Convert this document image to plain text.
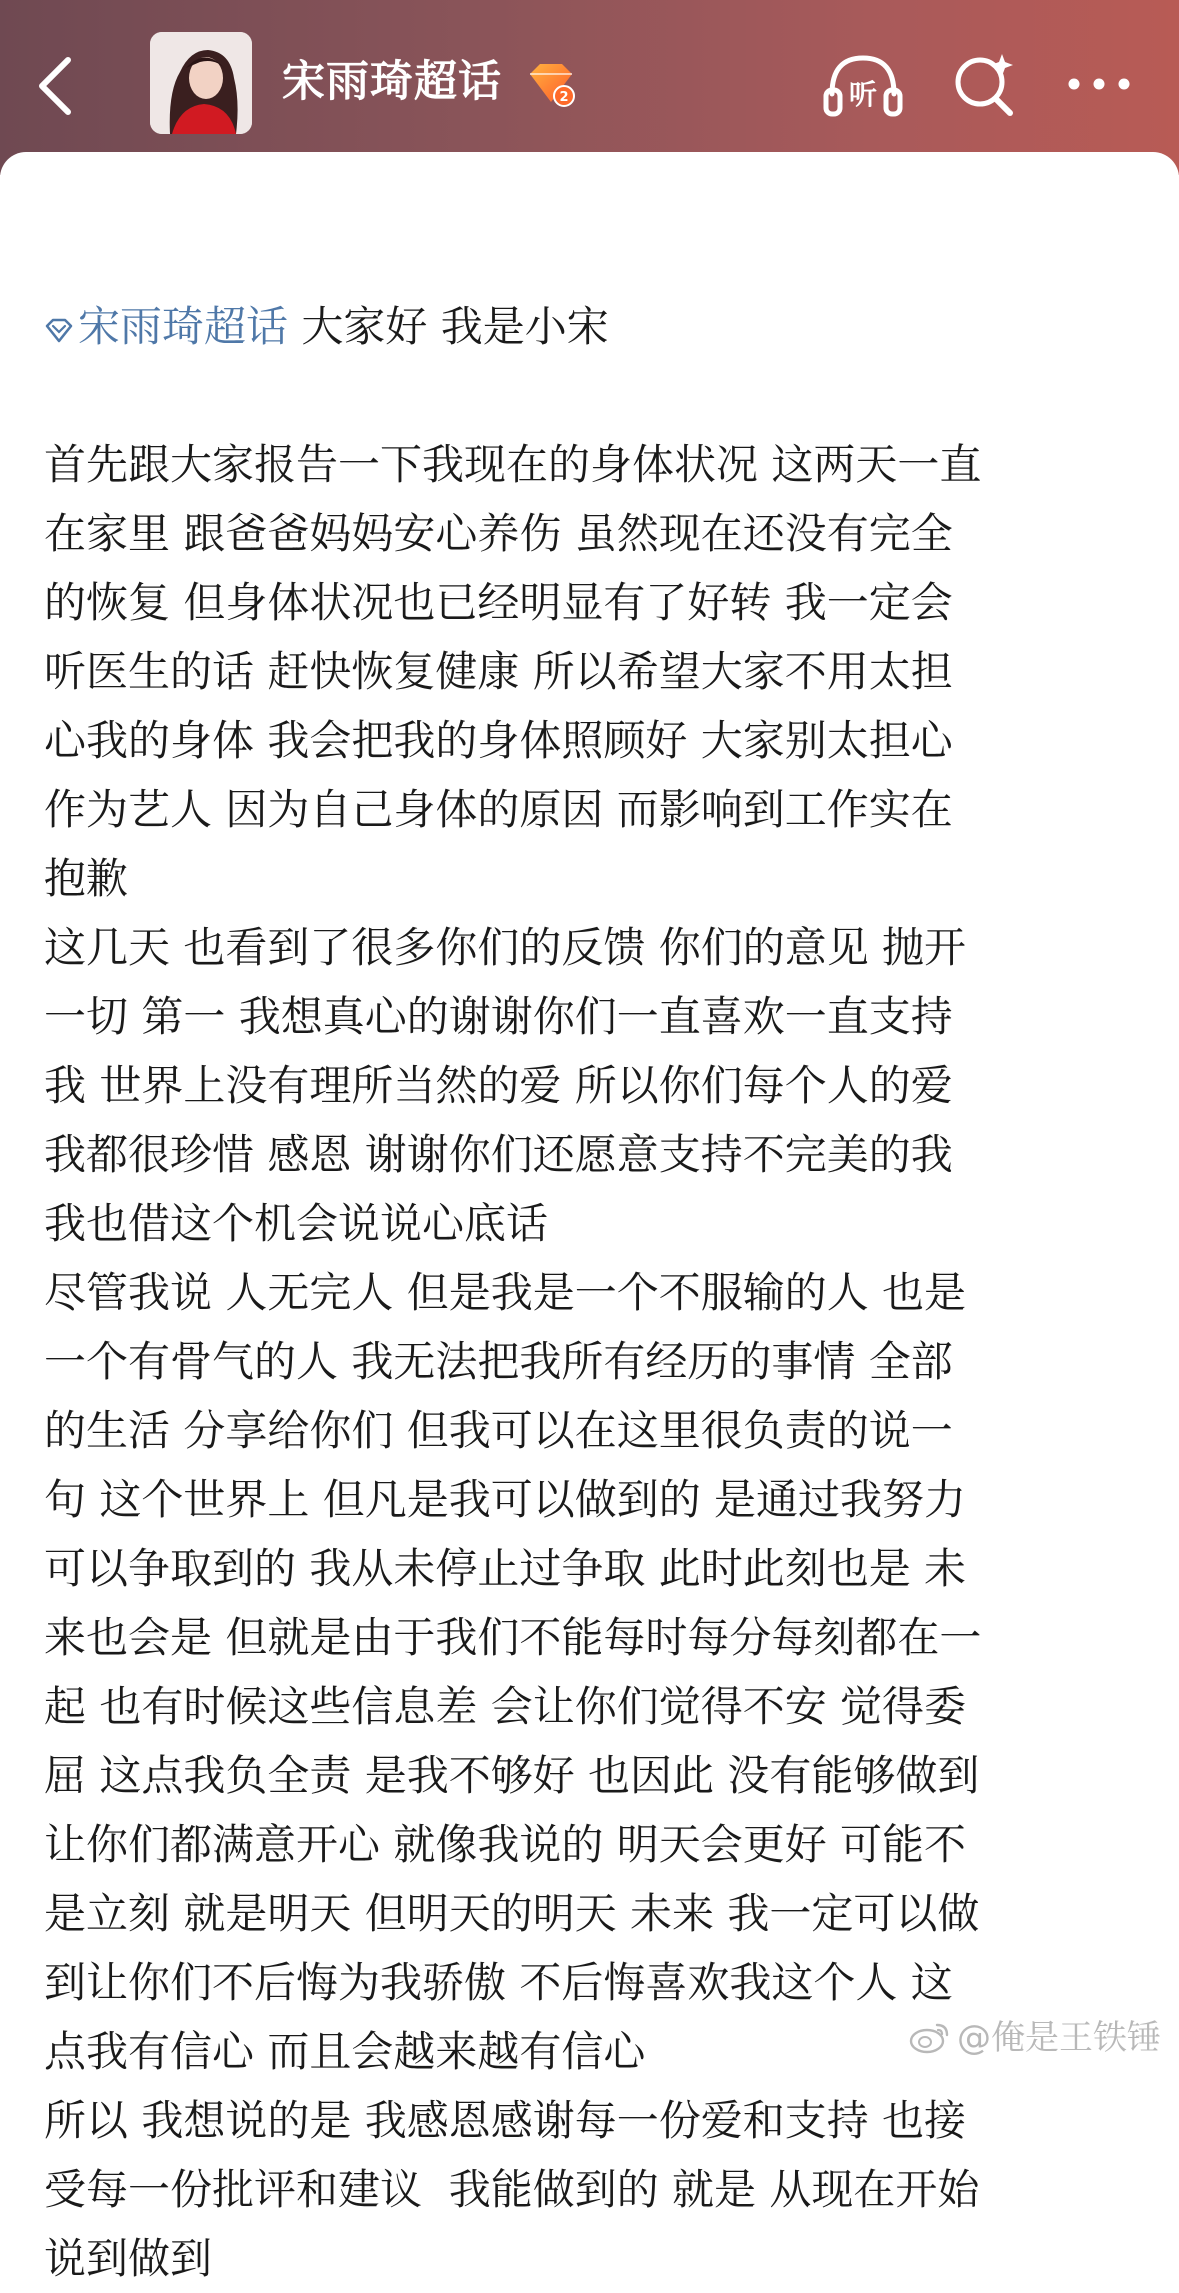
宋雨琦超话	2	听

宋雨琦超话 大家好 我是小宋

首先跟大家报告一下我现在的身体状况 这两天一直
在家里 跟爸爸妈妈安心养伤 虽然现在还没有完全
的恢复 但身体状况也已经明显有了好转 我一定会
听医生的话 赶快恢复健康 所以希望大家不用太担
心我的身体 我会把我的身体照顾好 大家别太担心
作为艺人 因为自己身体的原因 而影响到工作实在
抱歉
这几天 也看到了很多你们的反馈 你们的意见 抛开
一切 第一 我想真心的谢谢你们一直喜欢一直支持
我 世界上没有理所当然的爱 所以你们每个人的爱
我都很珍惜 感恩 谢谢你们还愿意支持不完美的我
我也借这个机会说说心底话
尽管我说 人无完人 但是我是一个不服输的人 也是
一个有骨气的人 我无法把我所有经历的事情 全部
的生活 分享给你们 但我可以在这里很负责的说一
句 这个世界上 但凡是我可以做到的 是通过我努力
可以争取到的 我从未停止过争取 此时此刻也是 未
来也会是 但就是由于我们不能每时每分每刻都在一
起 也有时候这些信息差 会让你们觉得不安 觉得委
屈 这点我负全责 是我不够好 也因此 没有能够做到
让你们都满意开心 就像我说的 明天会更好 可能不
是立刻 就是明天 但明天的明天 未来 我一定可以做
到让你们不后悔为我骄傲 不后悔喜欢我这个人 这
点我有信心 而且会越来越有信心
所以 我想说的是 我感恩感谢每一份爱和支持 也接
受每一份批评和建议  我能做到的 就是 从现在开始
说到做到
@俺是王铁锤
